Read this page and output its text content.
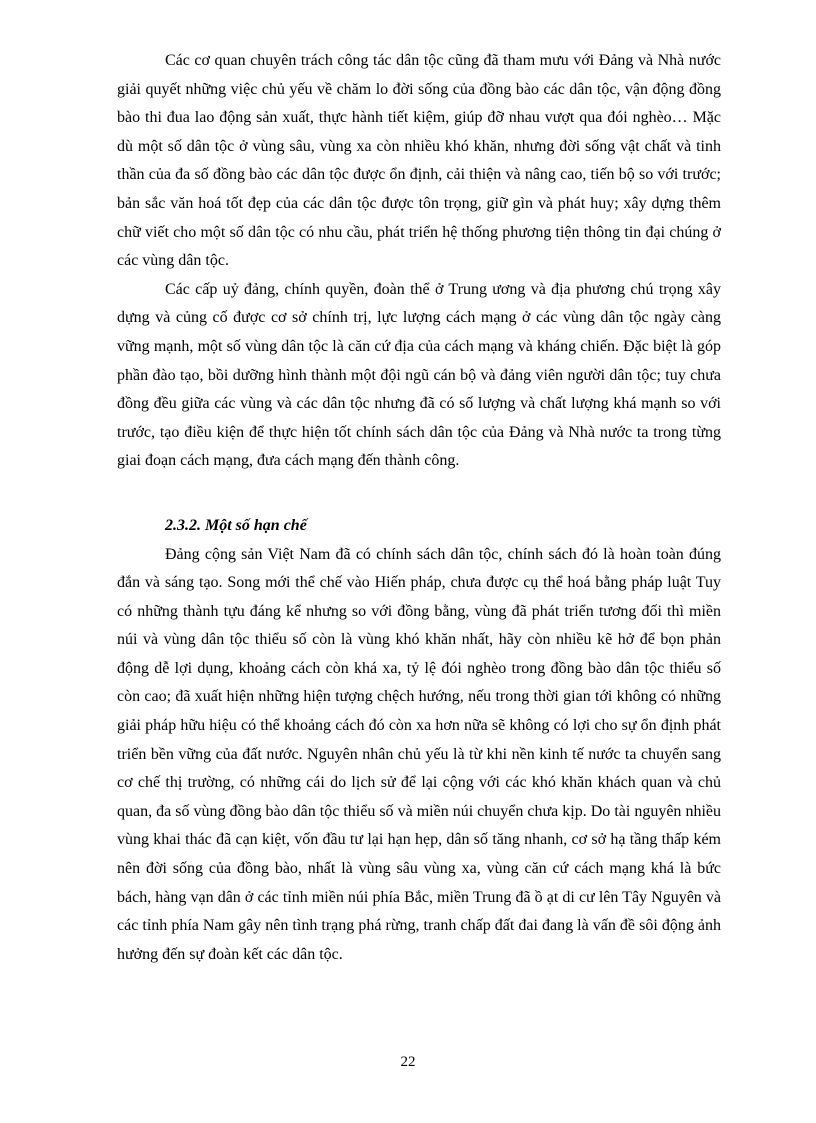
Các cơ quan chuyên trách công tác dân tộc cũng đã tham mưu với Đảng và Nhà nước giải quyết những việc chủ yếu về chăm lo đời sống của đồng bào các dân tộc, vận động đồng bào thi đua lao động sản xuất, thực hành tiết kiệm, giúp đỡ nhau vượt qua đói nghèo… Mặc dù một số dân tộc ở vùng sâu, vùng xa còn nhiều khó khăn, nhưng đời sống vật chất và tinh thần của đa số đồng bào các dân tộc được ổn định, cải thiện và nâng cao, tiến bộ so với trước; bản sắc văn hoá tốt đẹp của các dân tộc được tôn trọng, giữ gìn và phát huy; xây dựng thêm chữ viết cho một số dân tộc có nhu cầu, phát triển hệ thống phương tiện thông tin đại chúng ở các vùng dân tộc.

Các cấp uỷ đảng, chính quyền, đoàn thể ở Trung ương và địa phương chú trọng xây dựng và củng cố được cơ sở chính trị, lực lượng cách mạng ở các vùng dân tộc ngày càng vững mạnh, một số vùng dân tộc là căn cứ địa của cách mạng và kháng chiến. Đặc biệt là góp phần đào tạo, bồi dưỡng hình thành một đội ngũ cán bộ và đảng viên người dân tộc; tuy chưa đồng đều giữa các vùng và các dân tộc nhưng đã có số lượng và chất lượng khá mạnh so với trước, tạo điều kiện để thực hiện tốt chính sách dân tộc của Đảng và Nhà nước ta trong từng giai đoạn cách mạng, đưa cách mạng đến thành công.

2.3.2. Một số hạn chế

Đảng cộng sản Việt Nam đã có chính sách dân tộc, chính sách đó là hoàn toàn đúng đắn và sáng tạo. Song mới thể chế vào Hiến pháp, chưa được cụ thể hoá bằng pháp luật Tuy có những thành tựu đáng kể nhưng so với đồng bằng, vùng đã phát triển tương đối thì miền núi và vùng dân tộc thiểu số còn là vùng khó khăn nhất, hãy còn nhiều kẽ hở để bọn phản động dễ lợi dụng, khoảng cách còn khá xa, tỷ lệ đói nghèo trong đồng bào dân tộc thiểu số còn cao; đã xuất hiện những hiện tượng chệch hướng, nếu trong thời gian tới không có những giải pháp hữu hiệu có thể khoảng cách đó còn xa hơn nữa sẽ không có lợi cho sự ổn định phát triển bền vững của đất nước. Nguyên nhân chủ yếu là từ khi nền kinh tế nước ta chuyển sang cơ chế thị trường, có những cái do lịch sử để lại cộng với các khó khăn khách quan và chủ quan, đa số vùng đồng bào dân tộc thiểu số và miền núi chuyển chưa kịp. Do tài nguyên nhiều vùng khai thác đã cạn kiệt, vốn đầu tư lại hạn hẹp, dân số tăng nhanh, cơ sở hạ tầng thấp kém nên đời sống của đồng bào, nhất là vùng sâu vùng xa, vùng căn cứ cách mạng khá là bức bách, hàng vạn dân ở các tỉnh miền núi phía Bắc, miền Trung đã ồ ạt di cư lên Tây Nguyên và các tỉnh phía Nam gây nên tình trạng phá rừng, tranh chấp đất đai đang là vấn đề sôi động ảnh hưởng đến sự đoàn kết các dân tộc.

22
